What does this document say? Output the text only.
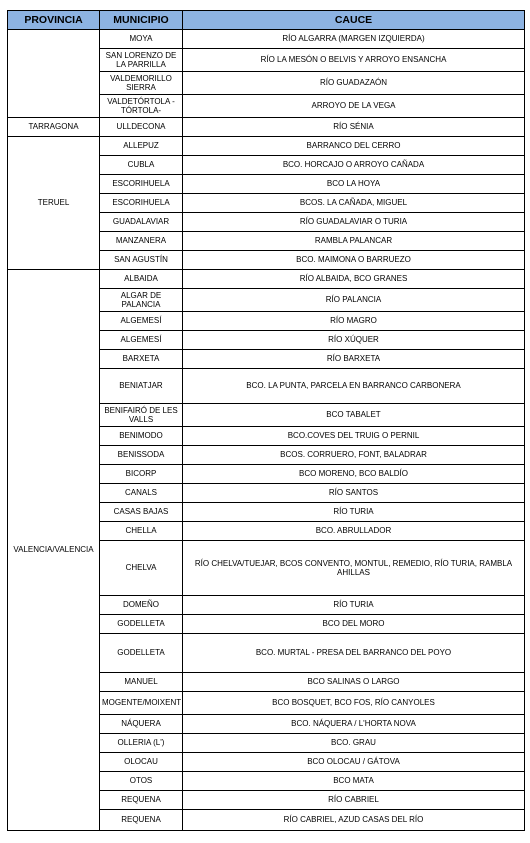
PROVINCIA	MUNICIPIO	CAUCE
	MOYA	RÍO ALGARRA (MARGEN IZQUIERDA)
	SAN LORENZO DE LA PARRILLA	RÍO LA MESÓN O BELVIS Y ARROYO ENSANCHA
	VALDEMORILLO SIERRA	RÍO GUADAZAÓN
	VALDETÓRTOLA - TÓRTOLA-	ARROYO DE LA VEGA
TARRAGONA	ULLDECONA	RÍO SÉNIA
TERUEL	ALLEPUZ	BARRANCO DEL CERRO
	CUBLA	BCO. HORCAJO O ARROYO CAÑADA
	ESCORIHUELA	BCO LA HOYA
	ESCORIHUELA	BCOS. LA CAÑADA, MIGUEL
	GUADALAVIAR	RÍO GUADALAVIAR O TURIA
	MANZANERA	RAMBLA PALANCAR
	SAN AGUSTÍN	BCO. MAIMONA O BARRUEZO
VALENCIA/VALENCIA	ALBAIDA	RÍO ALBAIDA, BCO GRANES
	ALGAR DE PALANCIA	RÍO PALANCIA
	ALGEMESÍ	RÍO MAGRO
	ALGEMESÍ	RÍO XÚQUER
	BARXETA	RÍO BARXETA
	BENIATJAR	BCO. LA PUNTA, PARCELA EN BARRANCO CARBONERA
	BENIFAIRÓ DE LES VALLS	BCO TABALET
	BENIMODO	BCO.COVES DEL TRUIG O PERNIL
	BENISSODA	BCOS. CORRUERO, FONT, BALADRAR
	BICORP	BCO MORENO, BCO BALDÍO
	CANALS	RÍO SANTOS
	CASAS BAJAS	RÍO TURIA
	CHELLA	BCO. ABRULLADOR
	CHELVA	RÍO CHELVA/TUEJAR, BCOS CONVENTO, MONTUL, REMEDIO, RÍO TURIA, RAMBLA AHILLAS
	DOMEÑO	RÍO TURIA
	GODELLETA	BCO DEL MORO
	GODELLETA	BCO. MURTAL - PRESA DEL BARRANCO DEL POYO
	MANUEL	BCO SALINAS O LARGO
	MOGENTE/MOIXENT	BCO BOSQUET, BCO FOS, RÍO CANYOLES
	NÁQUERA	BCO. NÁQUERA / L'HORTA NOVA
	OLLERIA (L')	BCO. GRAU
	OLOCAU	BCO OLOCAU / GÁTOVA
	OTOS	BCO MATA
	REQUENA	RÍO CABRIEL
	REQUENA	RÍO CABRIEL, AZUD CASAS DEL RÍO
